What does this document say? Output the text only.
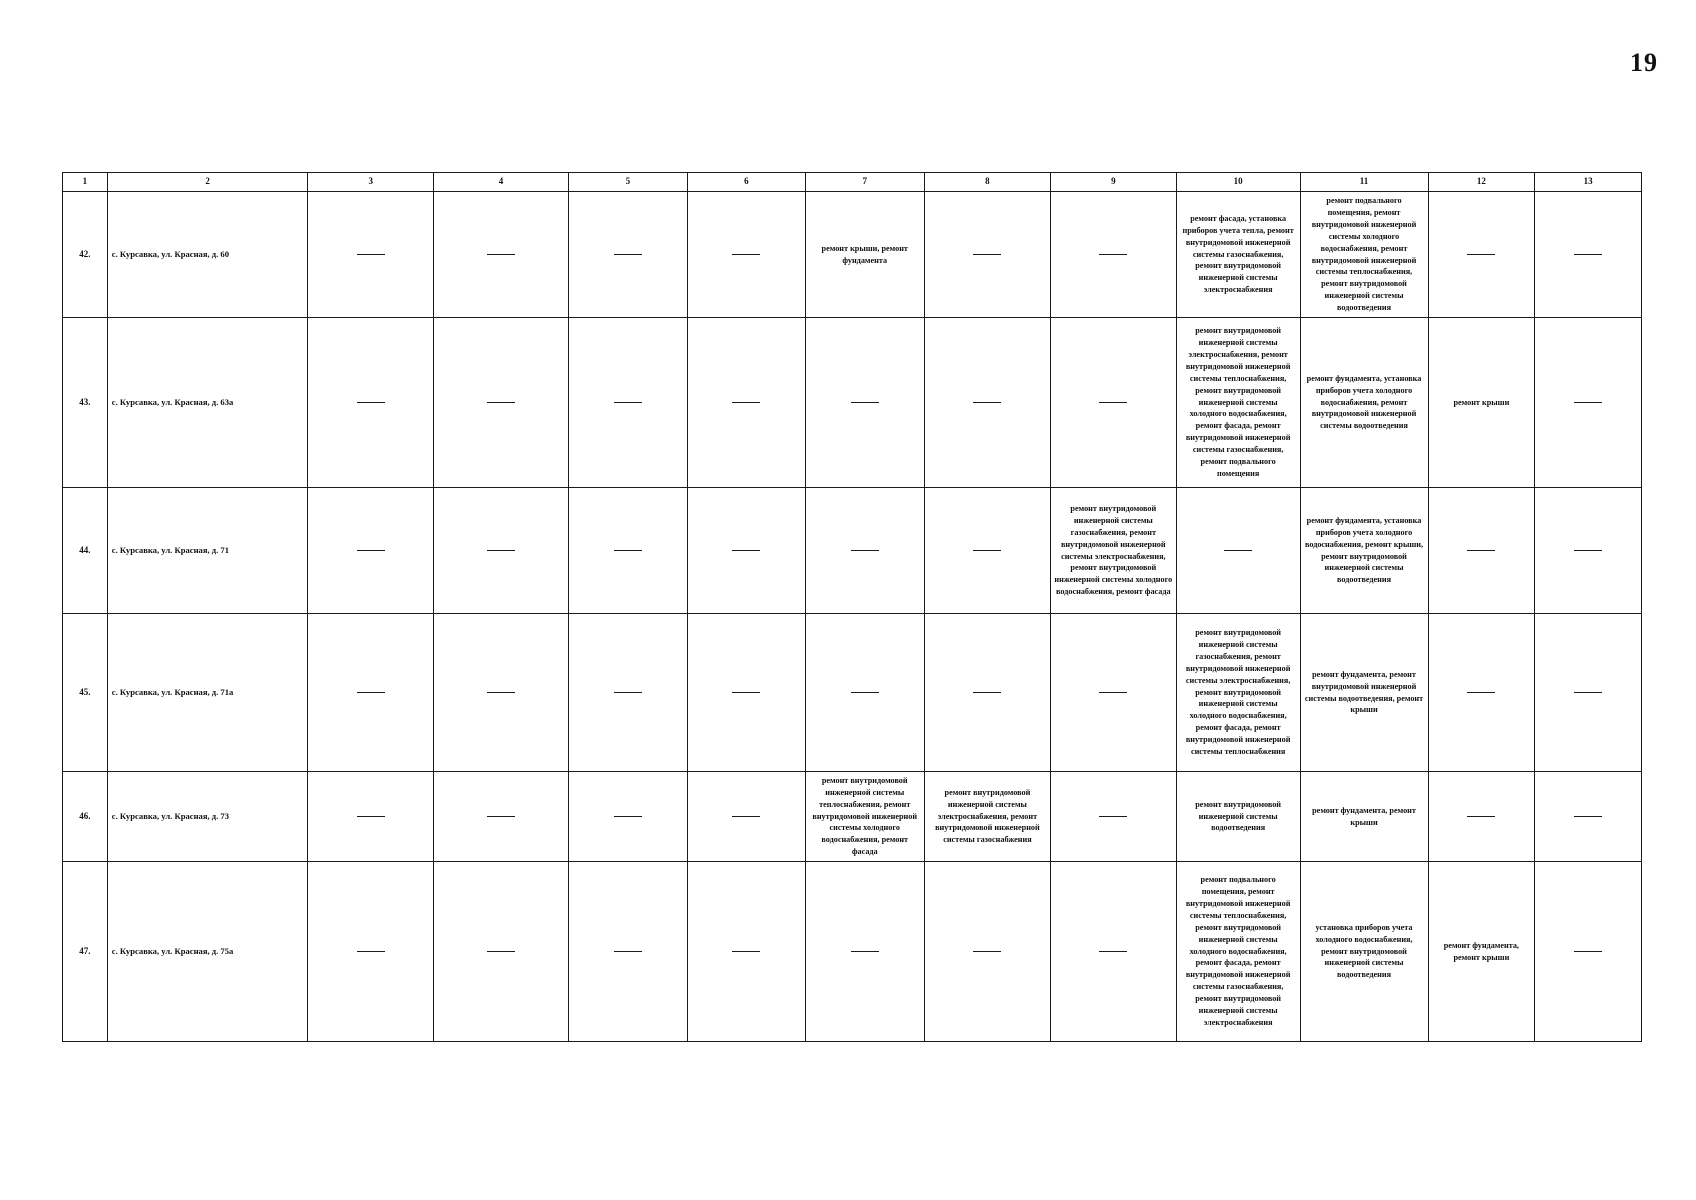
19
1	2	3	4	5	6	7	8	9	10	11	12	13
42.	с. Курсавка, ул. Красная, д. 60					ремонт крыши, ремонт фундамента			ремонт фасада, установка приборов учета тепла, ремонт внутридомовой инженерной системы газоснабжения, ремонт внутридомовой инженерной системы электроснабжения	ремонт подвального помещения, ремонт внутридомовой инженерной системы холодного водоснабжения, ремонт внутридомовой инженерной системы теплоснабжения, ремонт внутридомовой инженерной системы водоотведения		
43.	с. Курсавка, ул. Красная, д. 63а								ремонт внутридомовой инженерной системы электроснабжения, ремонт внутридомовой инженерной системы теплоснабжения, ремонт внутридомовой инженерной системы холодного водоснабжения, ремонт фасада, ремонт внутридомовой инженерной системы газоснабжения, ремонт подвального помещения	ремонт фундамента, установка приборов учета холодного водоснабжения, ремонт внутридомовой инженерной системы водоотведения	ремонт крыши	
44.	с. Курсавка, ул. Красная, д. 71							ремонт внутридомовой инженерной системы газоснабжения, ремонт внутридомовой инженерной системы электроснабжения, ремонт внутридомовой инженерной системы холодного водоснабжения, ремонт фасада		ремонт фундамента, установка приборов учета холодного водоснабжения, ремонт крыши, ремонт внутридомовой инженерной системы водоотведения		
45.	с. Курсавка, ул. Красная, д. 71а								ремонт внутридомовой инженерной системы газоснабжения, ремонт внутридомовой инженерной системы электроснабжения, ремонт внутридомовой инженерной системы холодного водоснабжения, ремонт фасада, ремонт внутридомовой инженерной системы теплоснабжения	ремонт фундамента, ремонт внутридомовой инженерной системы водоотведения, ремонт крыши		
46.	с. Курсавка, ул. Красная, д. 73					ремонт внутридомовой инженерной системы теплоснабжения, ремонт внутридомовой инженерной системы холодного водоснабжения, ремонт фасада	ремонт внутридомовой инженерной системы электроснабжения, ремонт внутридомовой инженерной системы газоснабжения		ремонт внутридомовой инженерной системы водоотведения	ремонт фундамента, ремонт крыши		
47.	с. Курсавка, ул. Красная, д. 75а								ремонт подвального помещения, ремонт внутридомовой инженерной системы теплоснабжения, ремонт внутридомовой инженерной системы холодного водоснабжения, ремонт фасада, ремонт внутридомовой инженерной системы газоснабжения, ремонт внутридомовой инженерной системы электроснабжения	установка приборов учета холодного водоснабжения, ремонт внутридомовой инженерной системы водоотведения	ремонт фундамента, ремонт крыши	
